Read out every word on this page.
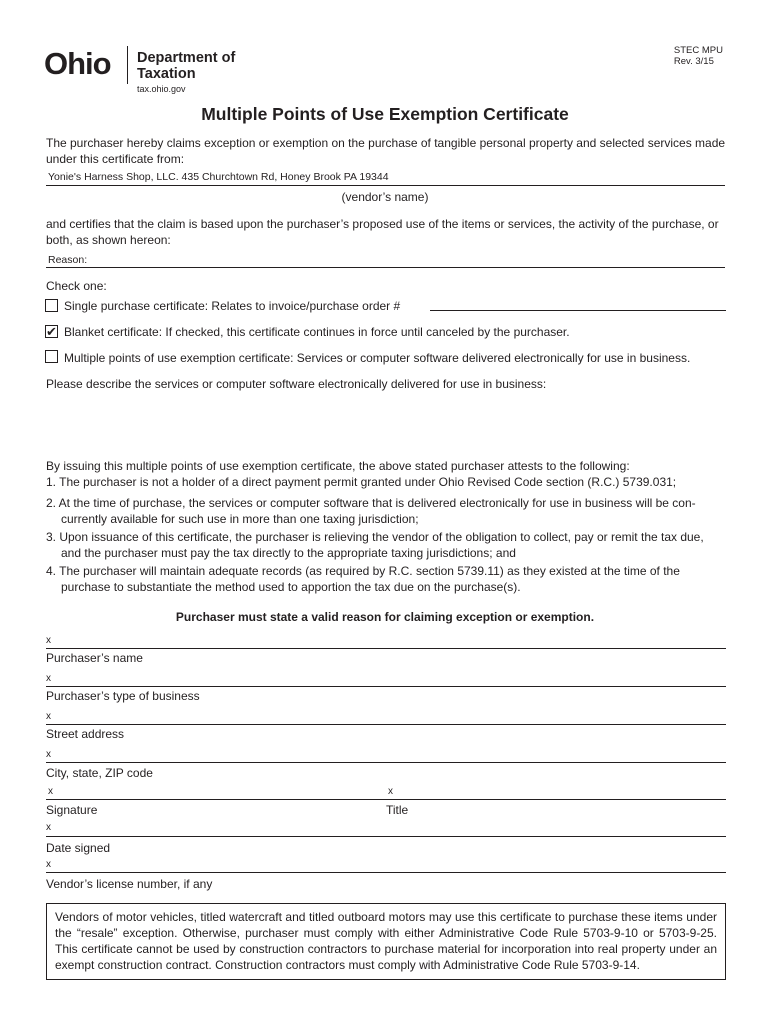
Ohio Department of
Taxation
tax.ohio.gov
STEC MPU
Rev. 3/15
Multiple Points of Use Exemption Certificate
The purchaser hereby claims exception or exemption on the purchase of tangible personal property and selected services made under this certificate from:
Yonie's Harness Shop, LLC. 435 Churchtown Rd, Honey Brook PA 19344
(vendor’s name)
and certifies that the claim is based upon the purchaser’s proposed use of the items or services, the activity of the purchase, or both, as shown hereon:
Reason:
Check one:
Single purchase certificate: Relates to invoice/purchase order #
✔ Blanket certificate: If checked, this certificate continues in force until canceled by the purchaser.
Multiple points of use exemption certificate: Services or computer software delivered electronically for use in business.
Please describe the services or computer software electronically delivered for use in business:
By issuing this multiple points of use exemption certificate, the above stated purchaser attests to the following:
1. The purchaser is not a holder of a direct payment permit granted under Ohio Revised Code section (R.C.) 5739.031;
2. At the time of purchase, the services or computer software that is delivered electronically for use in business will be con-
currently available for such use in more than one taxing jurisdiction;
3. Upon issuance of this certificate, the purchaser is relieving the vendor of the obligation to collect, pay or remit the tax due,
and the purchaser must pay the tax directly to the appropriate taxing jurisdictions; and
4. The purchaser will maintain adequate records (as required by R.C. section 5739.11) as they existed at the time of the
purchase to substantiate the method used to apportion the tax due on the purchase(s).
Purchaser must state a valid reason for claiming exception or exemption.
x
Purchaser’s name
x
Purchaser’s type of business
x
Street address
x
City, state, ZIP code
x	x
Signature	Title
x
Date signed
x
Vendor’s license number, if any
Vendors of motor vehicles, titled watercraft and titled outboard motors may use this certificate to purchase these items under the “resale” exception. Otherwise, purchaser must comply with either Administrative Code Rule 5703-9-10 or 5703-9-25. This certificate cannot be used by construction contractors to purchase material for incorporation into real property under an exempt construction contract. Construction contractors must comply with Administrative Code Rule 5703-9-14.
